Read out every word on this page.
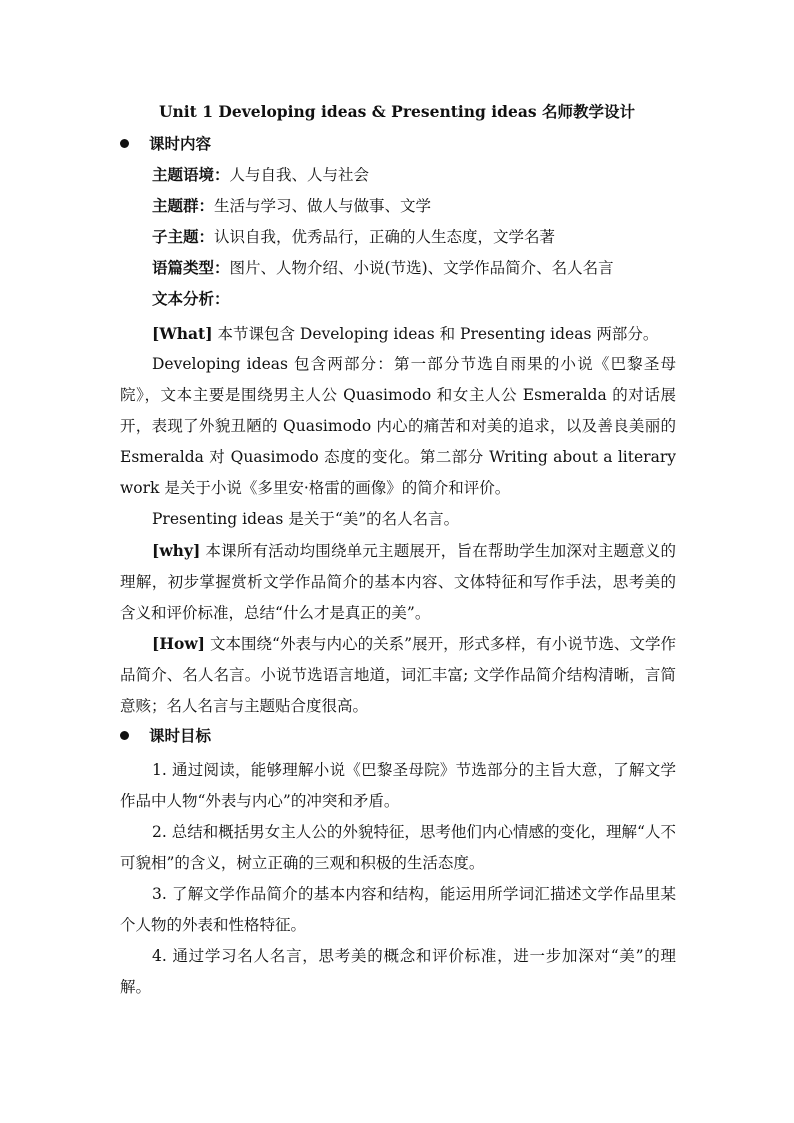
Unit 1 Developing ideas & Presenting ideas 名师教学设计
课时内容
主题语境：人与自我、人与社会
主题群：生活与学习、做人与做事、文学
子主题：认识自我，优秀品行，正确的人生态度，文学名著
语篇类型：图片、人物介绍、小说(节选)、文学作品简介、名人名言
文本分析：

[What] 本节课包含 Developing ideas 和 Presenting ideas 两部分。

Developing ideas 包含两部分：第一部分节选自雨果的小说《巴黎圣母院》，文本主要是围绕男主人公 Quasimodo 和女主人公 Esmeralda 的对话展开，表现了外貌丑陋的 Quasimodo 内心的痛苦和对美的追求，以及善良美丽的 Esmeralda 对 Quasimodo 态度的变化。第二部分 Writing about a literary work 是关于小说《多里安·格雷的画像》的简介和评价。

Presenting ideas 是关于“美”的名人名言。

[why] 本课所有活动均围绕单元主题展开，旨在帮助学生加深对主题意义的理解，初步掌握赏析文学作品简介的基本内容、文体特征和写作手法，思考美的含义和评价标准，总结“什么才是真正的美”。

[How] 文本围绕“外表与内心的关系”展开，形式多样，有小说节选、文学作品简介、名人名言。小说节选语言地道，词汇丰富; 文学作品简介结构清晰，言简意赅；名人名言与主题贴合度很高。

课时目标

1. 通过阅读，能够理解小说《巴黎圣母院》节选部分的主旨大意，了解文学作品中人物“外表与内心”的冲突和矛盾。

2. 总结和概括男女主人公的外貌特征，思考他们内心情感的变化，理解“人不可貌相”的含义，树立正确的三观和积极的生活态度。

3. 了解文学作品简介的基本内容和结构，能运用所学词汇描述文学作品里某个人物的外表和性格特征。

4. 通过学习名人名言，思考美的概念和评价标准，进一步加深对“美”的理解。
